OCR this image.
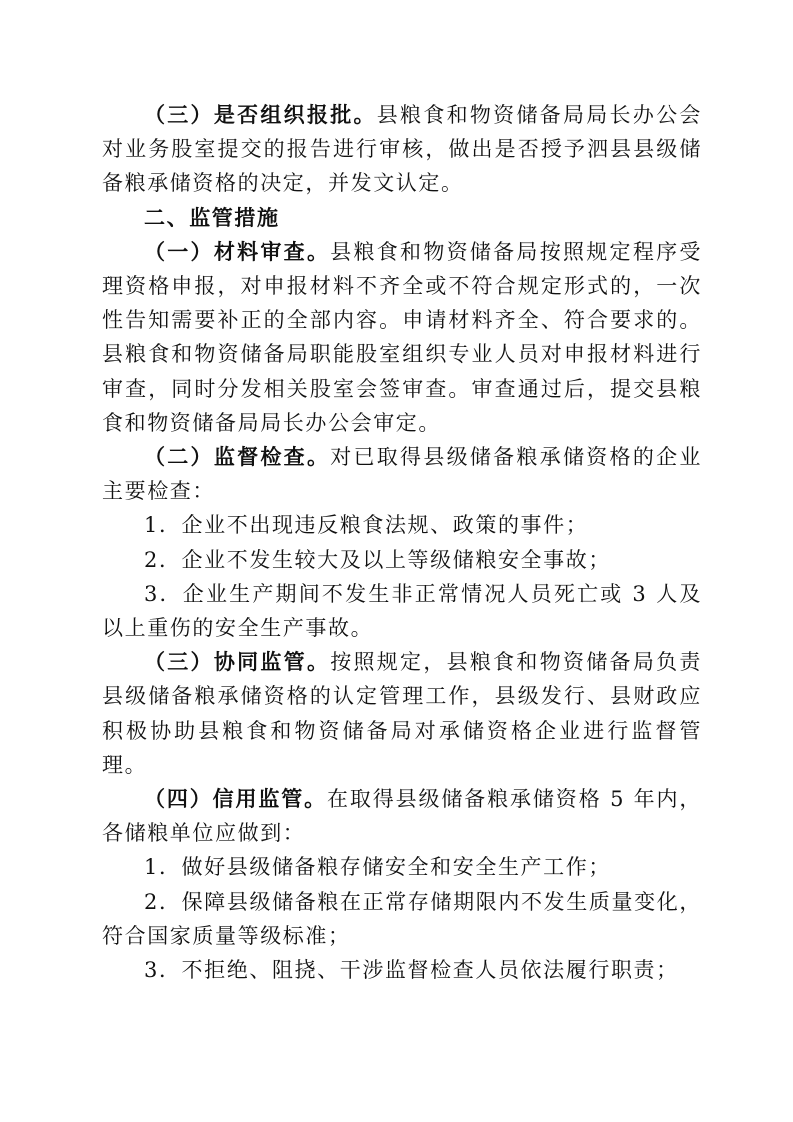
（三）是否组织报批。县粮食和物资储备局局长办公会对业务股室提交的报告进行审核，做出是否授予泗县县级储备粮承储资格的决定，并发文认定。

二、监管措施

（一）材料审查。县粮食和物资储备局按照规定程序受理资格申报，对申报材料不齐全或不符合规定形式的，一次性告知需要补正的全部内容。申请材料齐全、符合要求的。县粮食和物资储备局职能股室组织专业人员对申报材料进行审查，同时分发相关股室会签审查。审查通过后，提交县粮食和物资储备局局长办公会审定。

（二）监督检查。对已取得县级储备粮承储资格的企业主要检查：

1．企业不出现违反粮食法规、政策的事件；

2．企业不发生较大及以上等级储粮安全事故；

3．企业生产期间不发生非正常情况人员死亡或 3 人及以上重伤的安全生产事故。

（三）协同监管。按照规定，县粮食和物资储备局负责县级储备粮承储资格的认定管理工作，县级发行、县财政应积极协助县粮食和物资储备局对承储资格企业进行监督管理。

（四）信用监管。在取得县级储备粮承储资格 5 年内，各储粮单位应做到：

1．做好县级储备粮存储安全和安全生产工作；

2．保障县级储备粮在正常存储期限内不发生质量变化，符合国家质量等级标准；

3．不拒绝、阻挠、干涉监督检查人员依法履行职责；
